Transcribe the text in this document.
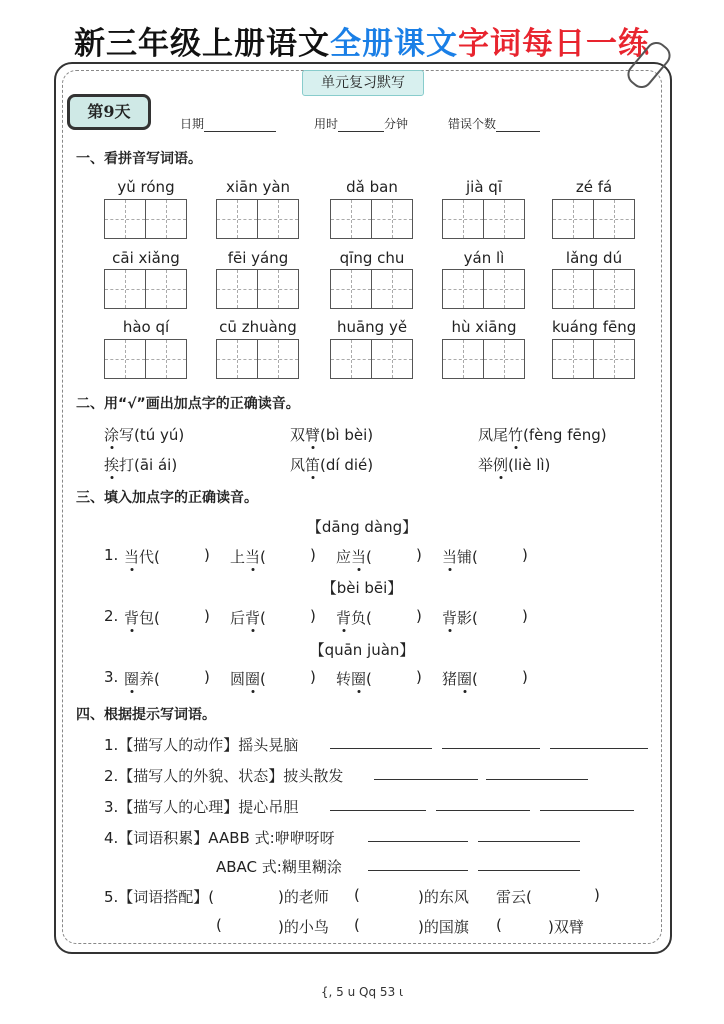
新三年级上册语文全册课文字词每日一练
单元复习默写
第9天
日期	用时	分钟	错误个数
一、看拼音写词语。
yǔ róng	xiān yàn	dǎ ban	jià qī	zé fá
cāi xiǎng	fēi yáng	qīng chu	yán lì	lǎng dú
hào qí	cū zhuàng	huāng yě	hù xiāng	kuáng fēng
二、用“√”画出加点字的正确读音。
涂写(tú yú)	双臂(bì bèi)	凤尾竹(fèng fēng)
挨打(āi ái)	风笛(dí dié)	举例(liè lì)
三、填入加点字的正确读音。
【dāng dàng】
1. 当代(	) 上当(	) 应当(	) 当铺(	)
【bèi bēi】
2. 背包(	) 后背(	) 背负(	) 背影(	)
【quān juàn】
3. 圈养(	) 圆圈(	) 转圈(	) 猪圈(	)
四、根据提示写词语。
1.【描写人的动作】摇头晃脑
2.【描写人的外貌、状态】披头散发
3.【描写人的心理】提心吊胆
4.【词语积累】AABB 式:咿咿呀呀
ABAC 式:糊里糊涂
5.【词语搭配】(	)的老师 (	)的东风 雷云(	)
(	)的小鸟 (	)的国旗 (	)双臂
{, 5 u Qq 53 ι
